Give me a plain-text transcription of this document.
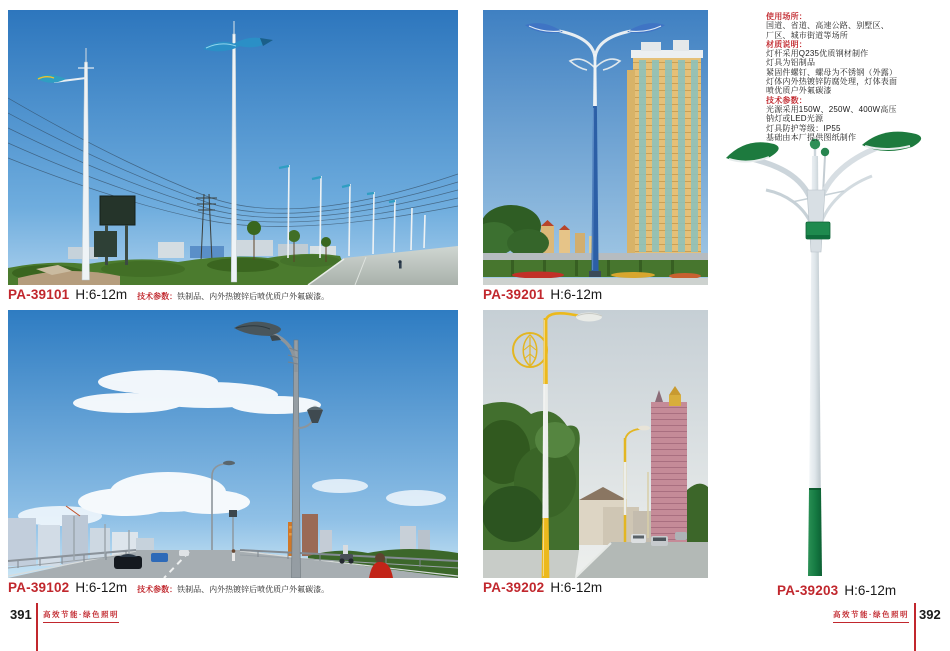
PA-39101 H:6-12m 技术参数：铁制品、内外热镀锌后喷优质户外氟碳漆。
PA-39102 H:6-12m 技术参数：铁制品、内外热镀锌后喷优质户外氟碳漆。
PA-39201 H:6-12m
PA-39202 H:6-12m	PA-39203 H:6-12m
使用场所：
国道、省道、高速公路、别墅区、
厂区、城市街道等场所
材质说明：
灯杆采用Q235优质钢材制作
灯具为铝制品
紧固件螺钉、螺母为不锈钢（外露）
灯体内外热镀锌防腐处理，灯体表面
喷优质户外氟碳漆
技术参数：
光源采用150W、250W、400W高压
钠灯或LED光源
灯具防护等级：IP55
基础由本厂提供图纸制作
391 高效节能·绿色照明	高效节能·绿色照明 392
